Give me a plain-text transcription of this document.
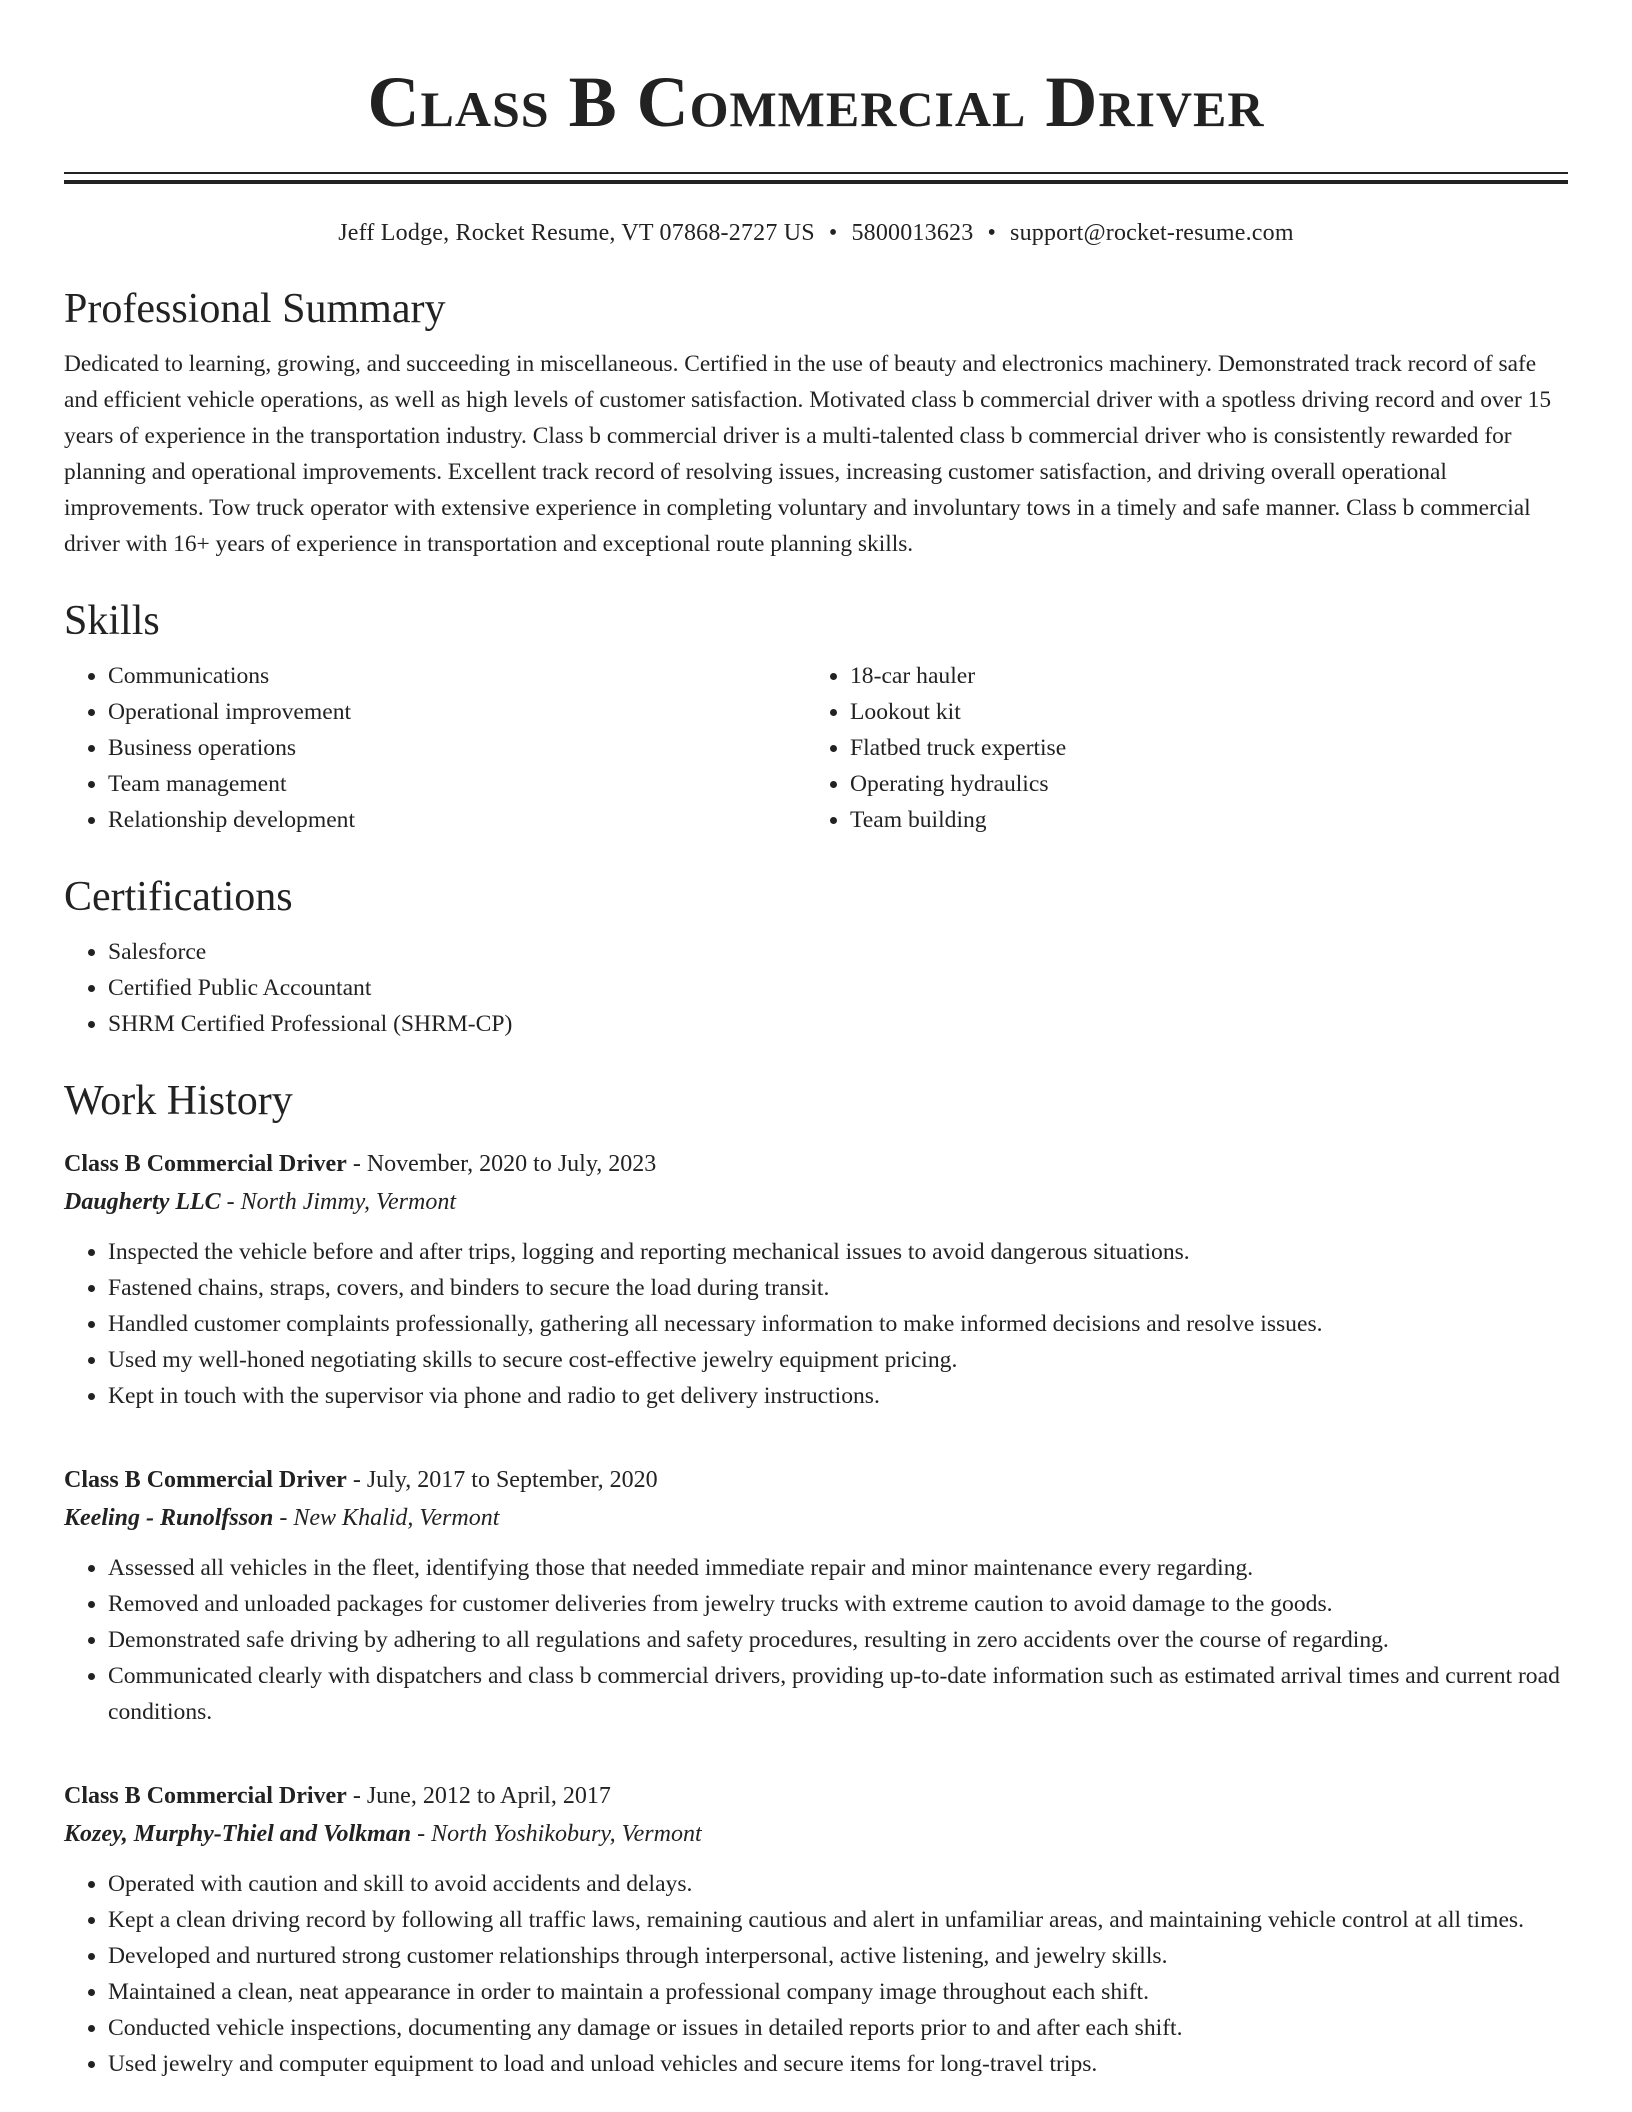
Class B Commercial Driver
Jeff Lodge, Rocket Resume, VT 07868-2727 US • 5800013623 • support@rocket-resume.com
Professional Summary

Dedicated to learning, growing, and succeeding in miscellaneous. Certified in the use of beauty and electronics machinery. Demonstrated track record of safe and efficient vehicle operations, as well as high levels of customer satisfaction. Motivated class b commercial driver with a spotless driving record and over 15 years of experience in the transportation industry. Class b commercial driver is a multi-talented class b commercial driver who is consistently rewarded for planning and operational improvements. Excellent track record of resolving issues, increasing customer satisfaction, and driving overall operational improvements. Tow truck operator with extensive experience in completing voluntary and involuntary tows in a timely and safe manner. Class b commercial driver with 16+ years of experience in transportation and exceptional route planning skills.

Skills
• Communications
• Operational improvement
• Business operations
• Team management
• Relationship development
• 18-car hauler
• Lookout kit
• Flatbed truck expertise
• Operating hydraulics
• Team building
Certifications
• Salesforce
• Certified Public Accountant
• SHRM Certified Professional (SHRM-CP)
Work History
Class B Commercial Driver - November, 2020 to July, 2023
Daugherty LLC - North Jimmy, Vermont
• Inspected the vehicle before and after trips, logging and reporting mechanical issues to avoid dangerous situations.
• Fastened chains, straps, covers, and binders to secure the load during transit.
• Handled customer complaints professionally, gathering all necessary information to make informed decisions and resolve issues.
• Used my well-honed negotiating skills to secure cost-effective jewelry equipment pricing.
• Kept in touch with the supervisor via phone and radio to get delivery instructions.
Class B Commercial Driver - July, 2017 to September, 2020
Keeling - Runolfsson - New Khalid, Vermont
• Assessed all vehicles in the fleet, identifying those that needed immediate repair and minor maintenance every regarding.
• Removed and unloaded packages for customer deliveries from jewelry trucks with extreme caution to avoid damage to the goods.
• Demonstrated safe driving by adhering to all regulations and safety procedures, resulting in zero accidents over the course of regarding.
• Communicated clearly with dispatchers and class b commercial drivers, providing up-to-date information such as estimated arrival times and current road conditions.
Class B Commercial Driver - June, 2012 to April, 2017
Kozey, Murphy-Thiel and Volkman - North Yoshikobury, Vermont
• Operated with caution and skill to avoid accidents and delays.
• Kept a clean driving record by following all traffic laws, remaining cautious and alert in unfamiliar areas, and maintaining vehicle control at all times.
• Developed and nurtured strong customer relationships through interpersonal, active listening, and jewelry skills.
• Maintained a clean, neat appearance in order to maintain a professional company image throughout each shift.
• Conducted vehicle inspections, documenting any damage or issues in detailed reports prior to and after each shift.
• Used jewelry and computer equipment to load and unload vehicles and secure items for long-travel trips.
